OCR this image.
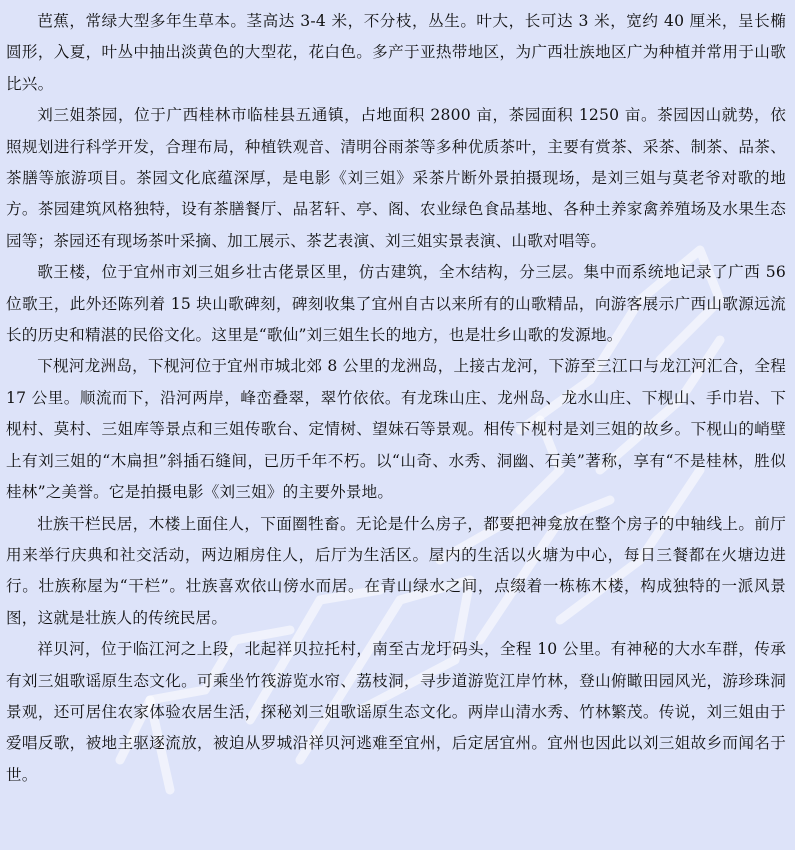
芭蕉，常绿大型多年生草本。茎高达 3-4 米，不分枝，丛生。叶大，长可达 3 米，宽约 40 厘米，呈长椭圆形，入夏，叶丛中抽出淡黄色的大型花，花白色。多产于亚热带地区，为广西壮族地区广为种植并常用于山歌比兴。

刘三姐茶园，位于广西桂林市临桂县五通镇，占地面积 2800 亩，茶园面积 1250 亩。茶园因山就势，依照规划进行科学开发，合理布局，种植铁观音、清明谷雨茶等多种优质茶叶，主要有赏茶、采茶、制茶、品茶、茶膳等旅游项目。茶园文化底蕴深厚，是电影《刘三姐》采茶片断外景拍摄现场，是刘三姐与莫老爷对歌的地方。茶园建筑风格独特，设有茶膳餐厅、品茗轩、亭、阁、农业绿色食品基地、各种土养家禽养殖场及水果生态园等；茶园还有现场茶叶采摘、加工展示、茶艺表演、刘三姐实景表演、山歌对唱等。

歌王楼，位于宜州市刘三姐乡壮古佬景区里，仿古建筑，全木结构，分三层。集中而系统地记录了广西 56 位歌王，此外还陈列着 15 块山歌碑刻，碑刻收集了宜州自古以来所有的山歌精品，向游客展示广西山歌源远流长的历史和精湛的民俗文化。这里是“歌仙”刘三姐生长的地方，也是壮乡山歌的发源地。

下枧河龙洲岛，下枧河位于宜州市城北郊 8 公里的龙洲岛，上接古龙河，下游至三江口与龙江河汇合，全程 17 公里。顺流而下，沿河两岸，峰峦叠翠，翠竹依依。有龙珠山庄、龙州岛、龙水山庄、下枧山、手巾岩、下枧村、莫村、三姐库等景点和三姐传歌台、定情树、望妹石等景观。相传下枧村是刘三姐的故乡。下枧山的峭壁上有刘三姐的“木扁担”斜插石缝间，已历千年不朽。以“山奇、水秀、洞幽、石美”著称，享有“不是桂林，胜似桂林”之美誉。它是拍摄电影《刘三姐》的主要外景地。

壮族干栏民居，木楼上面住人，下面圈牲畜。无论是什么房子，都要把神龛放在整个房子的中轴线上。前厅用来举行庆典和社交活动，两边厢房住人，后厅为生活区。屋内的生活以火塘为中心，每日三餐都在火塘边进行。壮族称屋为“干栏”。壮族喜欢依山傍水而居。在青山绿水之间，点缀着一栋栋木楼，构成独特的一派风景图，这就是壮族人的传统民居。

祥贝河，位于临江河之上段，北起祥贝拉托村，南至古龙圩码头，全程 10 公里。有神秘的大水车群，传承有刘三姐歌谣原生态文化。可乘坐竹筏游览水帘、荔枝洞，寻步道游览江岸竹林，登山俯瞰田园风光，游珍珠洞景观，还可居住农家体验农居生活，探秘刘三姐歌谣原生态文化。两岸山清水秀、竹林繁茂。传说，刘三姐由于爱唱反歌，被地主驱逐流放，被迫从罗城沿祥贝河逃难至宜州，后定居宜州。宜州也因此以刘三姐故乡而闻名于世。
